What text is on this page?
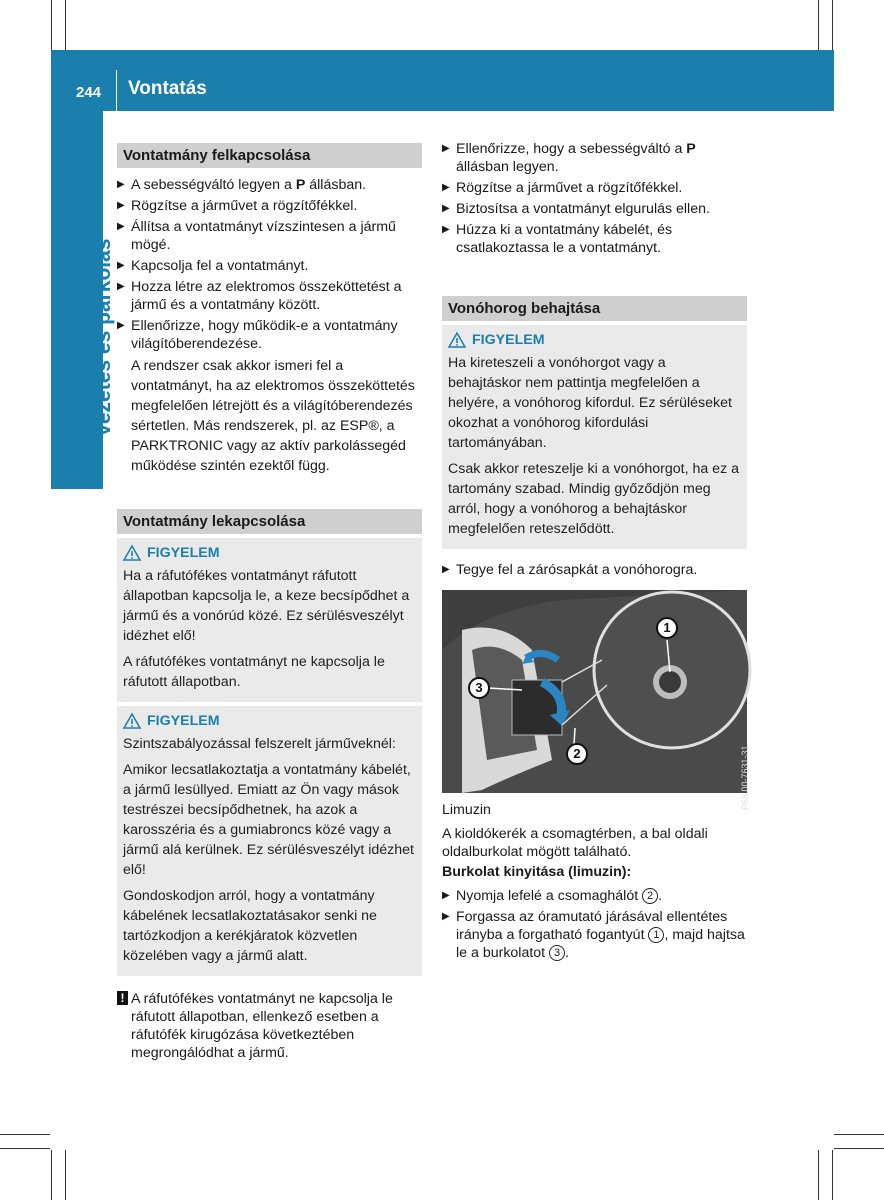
244 Vontatás
Vezetés és parkolás
Vontatmány felkapcsolása
▶ A sebességváltó legyen a P állásban.
▶ Rögzítse a járművet a rögzítőfékkel.
▶ Állítsa a vontatmányt vízszintesen a jármű mögé.
▶ Kapcsolja fel a vontatmányt.
▶ Hozza létre az elektromos összeköttetést a jármű és a vontatmány között.
▶ Ellenőrizze, hogy működik-e a vontatmány világítóberendezése.
A rendszer csak akkor ismeri fel a vontatmányt, ha az elektromos összeköttetés megfelelően létrejött és a világítóberendezés sértetlen. Más rendszerek, pl. az ESP®, a PARKTRONIC vagy az aktív parkolássegéd működése szintén ezektől függ.
Vontatmány lekapcsolása
FIGYELEM

Ha a ráfutófékes vontatmányt ráfutott állapotban kapcsolja le, a keze becsípődhet a jármű és a vonórúd közé. Ez sérülésveszélyt idézhet elő!

A ráfutófékes vontatmányt ne kapcsolja le ráfutott állapotban.

FIGYELEM

Szintszabályozással felszerelt járműveknél:

Amikor lecsatlakoztatja a vontatmány kábelét, a jármű lesüllyed. Emiatt az Ön vagy mások testrészei becsípődhetnek, ha azok a karosszéria és a gumiabroncs közé vagy a jármű alá kerülnek. Ez sérülésveszélyt idézhet elő!

Gondoskodjon arról, hogy a vontatmány kábelének lecsatlakoztatásakor senki ne tartózkodjon a kerékjáratok közvetlen közelében vagy a jármű alatt.

! A ráfutófékes vontatmányt ne kapcsolja le ráfutott állapotban, ellenkező esetben a ráfutófék kirugózása következtében megrongálódhat a jármű.
▶ Ellenőrizze, hogy a sebességváltó a P állásban legyen.
▶ Rögzítse a járművet a rögzítőfékkel.
▶ Biztosítsa a vontatmányt elgurulás ellen.
▶ Húzza ki a vontatmány kábelét, és csatlakoztassa le a vontatmányt.
Vonóhorog behajtása
FIGYELEM

Ha kireteszeli a vonóhorgot vagy a behajtáskor nem pattintja megfelelően a helyére, a vonóhorog kifordul. Ez sérüléseket okozhat a vonóhorog kifordulási tartományában.

Csak akkor reteszelje ki a vonóhorgot, ha ez a tartomány szabad. Mindig győződjön meg arról, hogy a vonóhorog a behajtáskor megfelelően reteszelődött.

▶ Tegye fel a zárósapkát a vonóhorogra.
1
2
3
P68.00-7631-31
Limuzin
A kioldókerék a csomagtérben, a bal oldali oldalburkolat mögött található.
Burkolat kinyitása (limuzin):
▶ Nyomja lefelé a csomaghálót 2 .
▶ Forgassa az óramutató járásával ellentétes irányba a forgatható fogantyút 1 , majd hajtsa le a burkolatot 3 .
